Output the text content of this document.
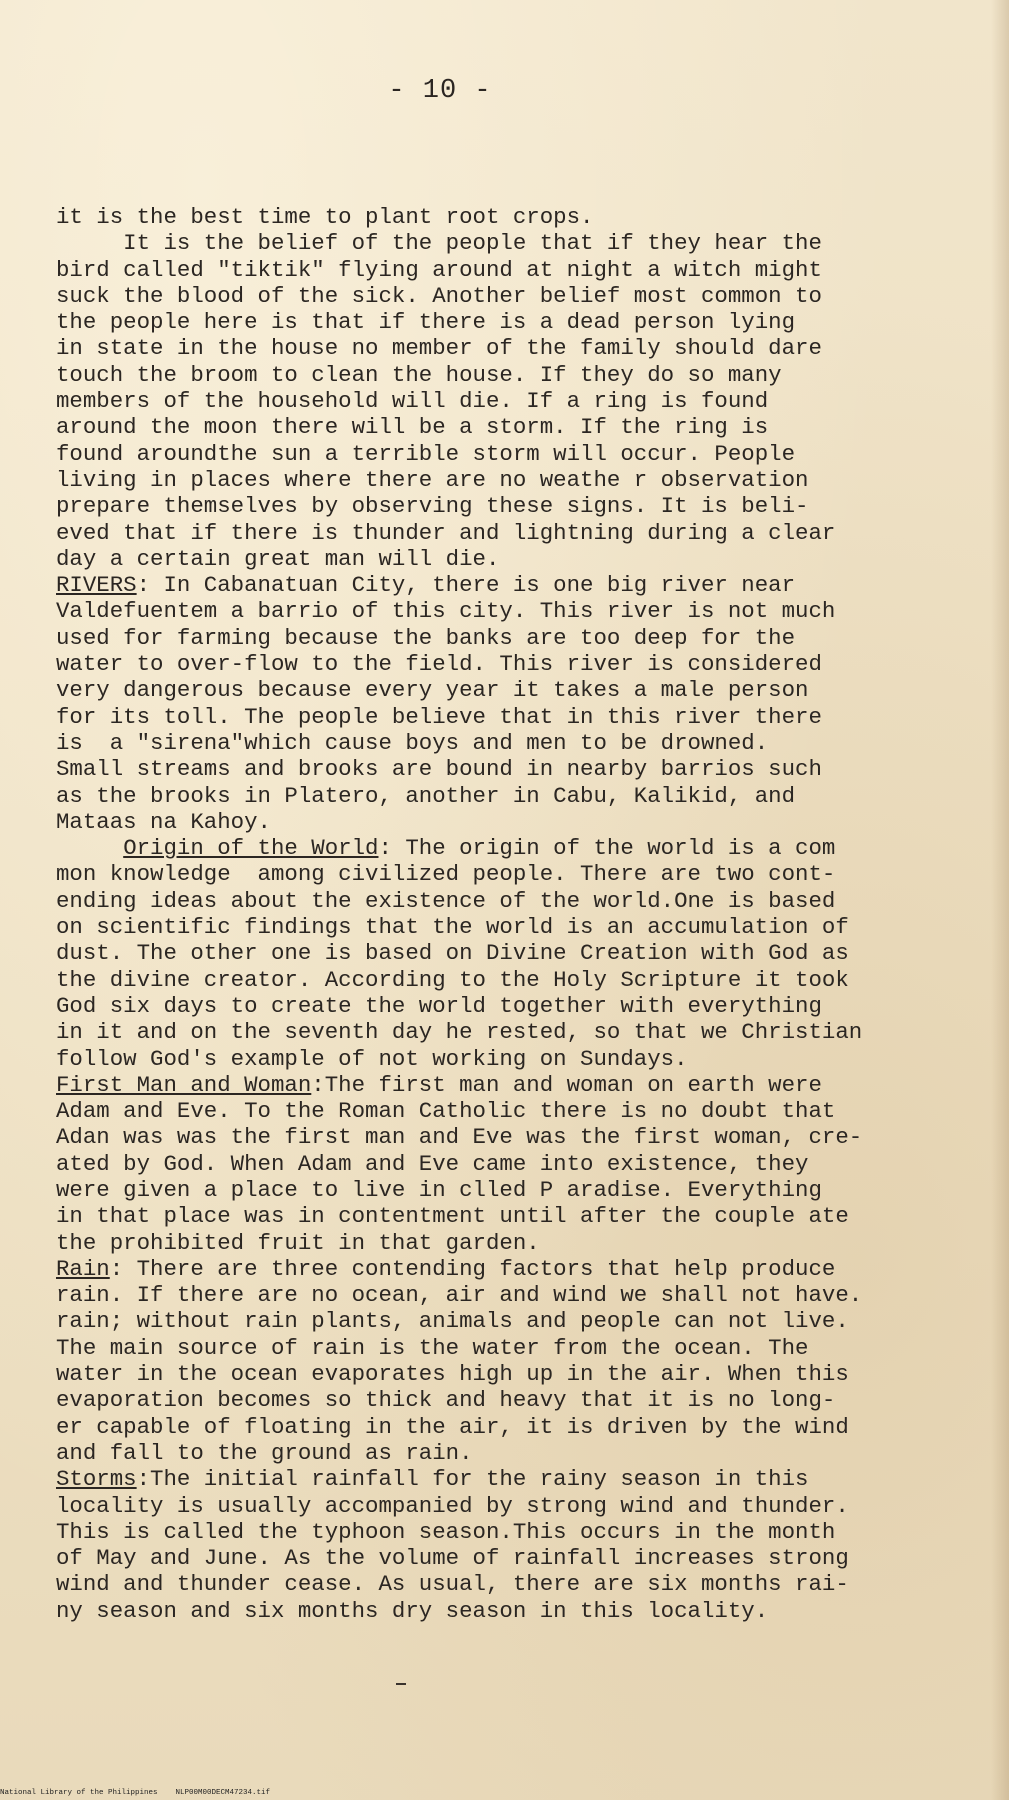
- 10 -
it is the best time to plant root crops.
It is the belief of the people that if they hear the
bird called "tiktik" flying around at night a witch might
suck the blood of the sick. Another belief most common to
the people here is that if there is a dead person lying
in state in the house no member of the family should dare
touch the broom to clean the house. If they do so many
members of the household will die. If a ring is found
around the moon there will be a storm. If the ring is
found aroundthe sun a terrible storm will occur. People
living in places where there are no weathe r observation
prepare themselves by observing these signs. It is beli-
eved that if there is thunder and lightning during a clear
day a certain great man will die.
RIVERS: In Cabanatuan City, there is one big river near
Valdefuentem a barrio of this city. This river is not much
used for farming because the banks are too deep for the
water to over-flow to the field. This river is considered
very dangerous because every year it takes a male person
for its toll. The people believe that in this river there
is  a "sirena"which cause boys and men to be drowned.
Small streams and brooks are bound in nearby barrios such
as the brooks in Platero, another in Cabu, Kalikid, and
Mataas na Kahoy.
Origin of the World: The origin of the world is a com
mon knowledge  among civilized people. There are two cont-
ending ideas about the existence of the world.One is based
on scientific findings that the world is an accumulation of
dust. The other one is based on Divine Creation with God as
the divine creator. According to the Holy Scripture it took
God six days to create the world together with everything
in it and on the seventh day he rested, so that we Christian
follow God's example of not working on Sundays.
First Man and Woman:The first man and woman on earth were
Adam and Eve. To the Roman Catholic there is no doubt that
Adan was was the first man and Eve was the first woman, cre-
ated by God. When Adam and Eve came into existence, they
were given a place to live in clled P aradise. Everything
in that place was in contentment until after the couple ate
the prohibited fruit in that garden.
Rain: There are three contending factors that help produce
rain. If there are no ocean, air and wind we shall not have.
rain; without rain plants, animals and people can not live.
The main source of rain is the water from the ocean. The
water in the ocean evaporates high up in the air. When this
evaporation becomes so thick and heavy that it is no long-
er capable of floating in the air, it is driven by the wind
and fall to the ground as rain.
Storms:The initial rainfall for the rainy season in this
locality is usually accompanied by strong wind and thunder.
This is called the typhoon season.This occurs in the month
of May and June. As the volume of rainfall increases strong
wind and thunder cease. As usual, there are six months rai-
ny season and six months dry season in this locality.
National Library of the Philippines NLP00M00DECM47234.tif
